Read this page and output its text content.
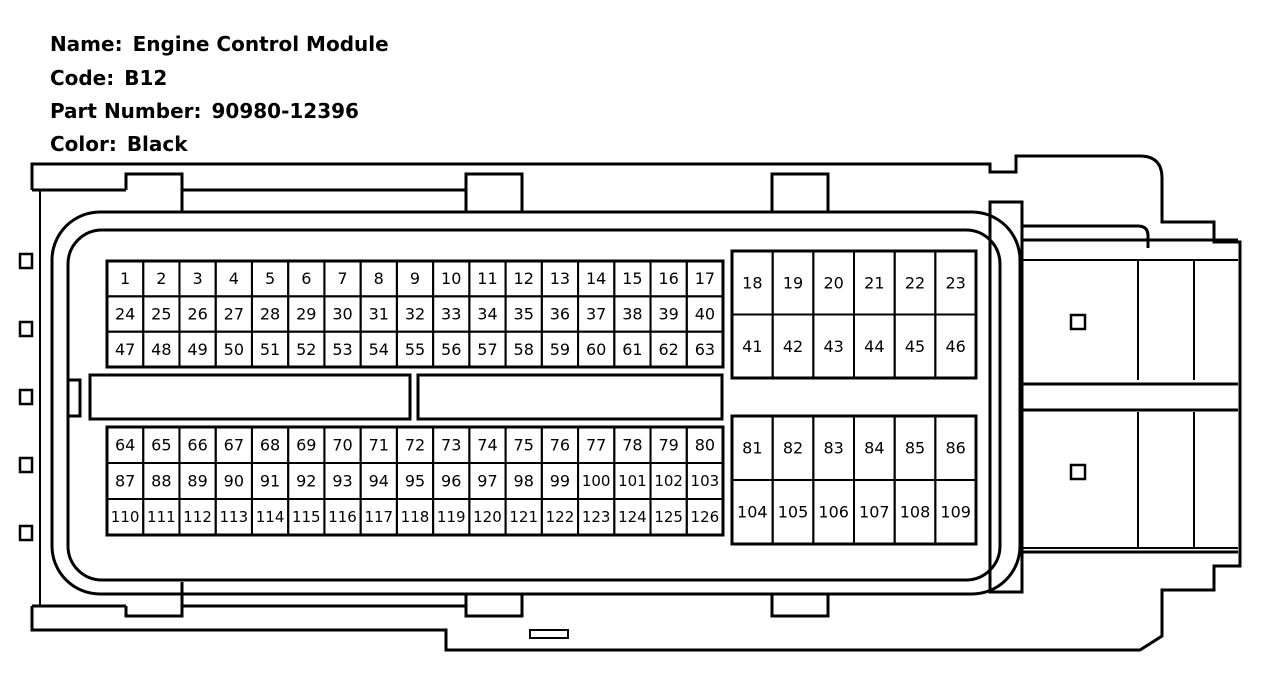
Name: Engine Control Module

Code: B12

Part Number: 90980-12396

Color: Black

1 2 3 4 5 6 7 8 9 10 11 12 13 14 15 16 17
24 25 26 27 28 29 30 31 32 33 34 35 36 37 38 39 40
47 48 49 50 51 52 53 54 55 56 57 58 59 60 61 62 63
64 65 66 67 68 69 70 71 72 73 74 75 76 77 78 79 80
87 88 89 90 91 92 93 94 95 96 97 98 99 100 101 102 103
110 111 112 113 114 115 116 117 118 119 120 121 122 123 124 125 126
18 19 20 21 22 23
41 42 43 44 45 46
81 82 83 84 85 86
104 105 106 107 108 109
